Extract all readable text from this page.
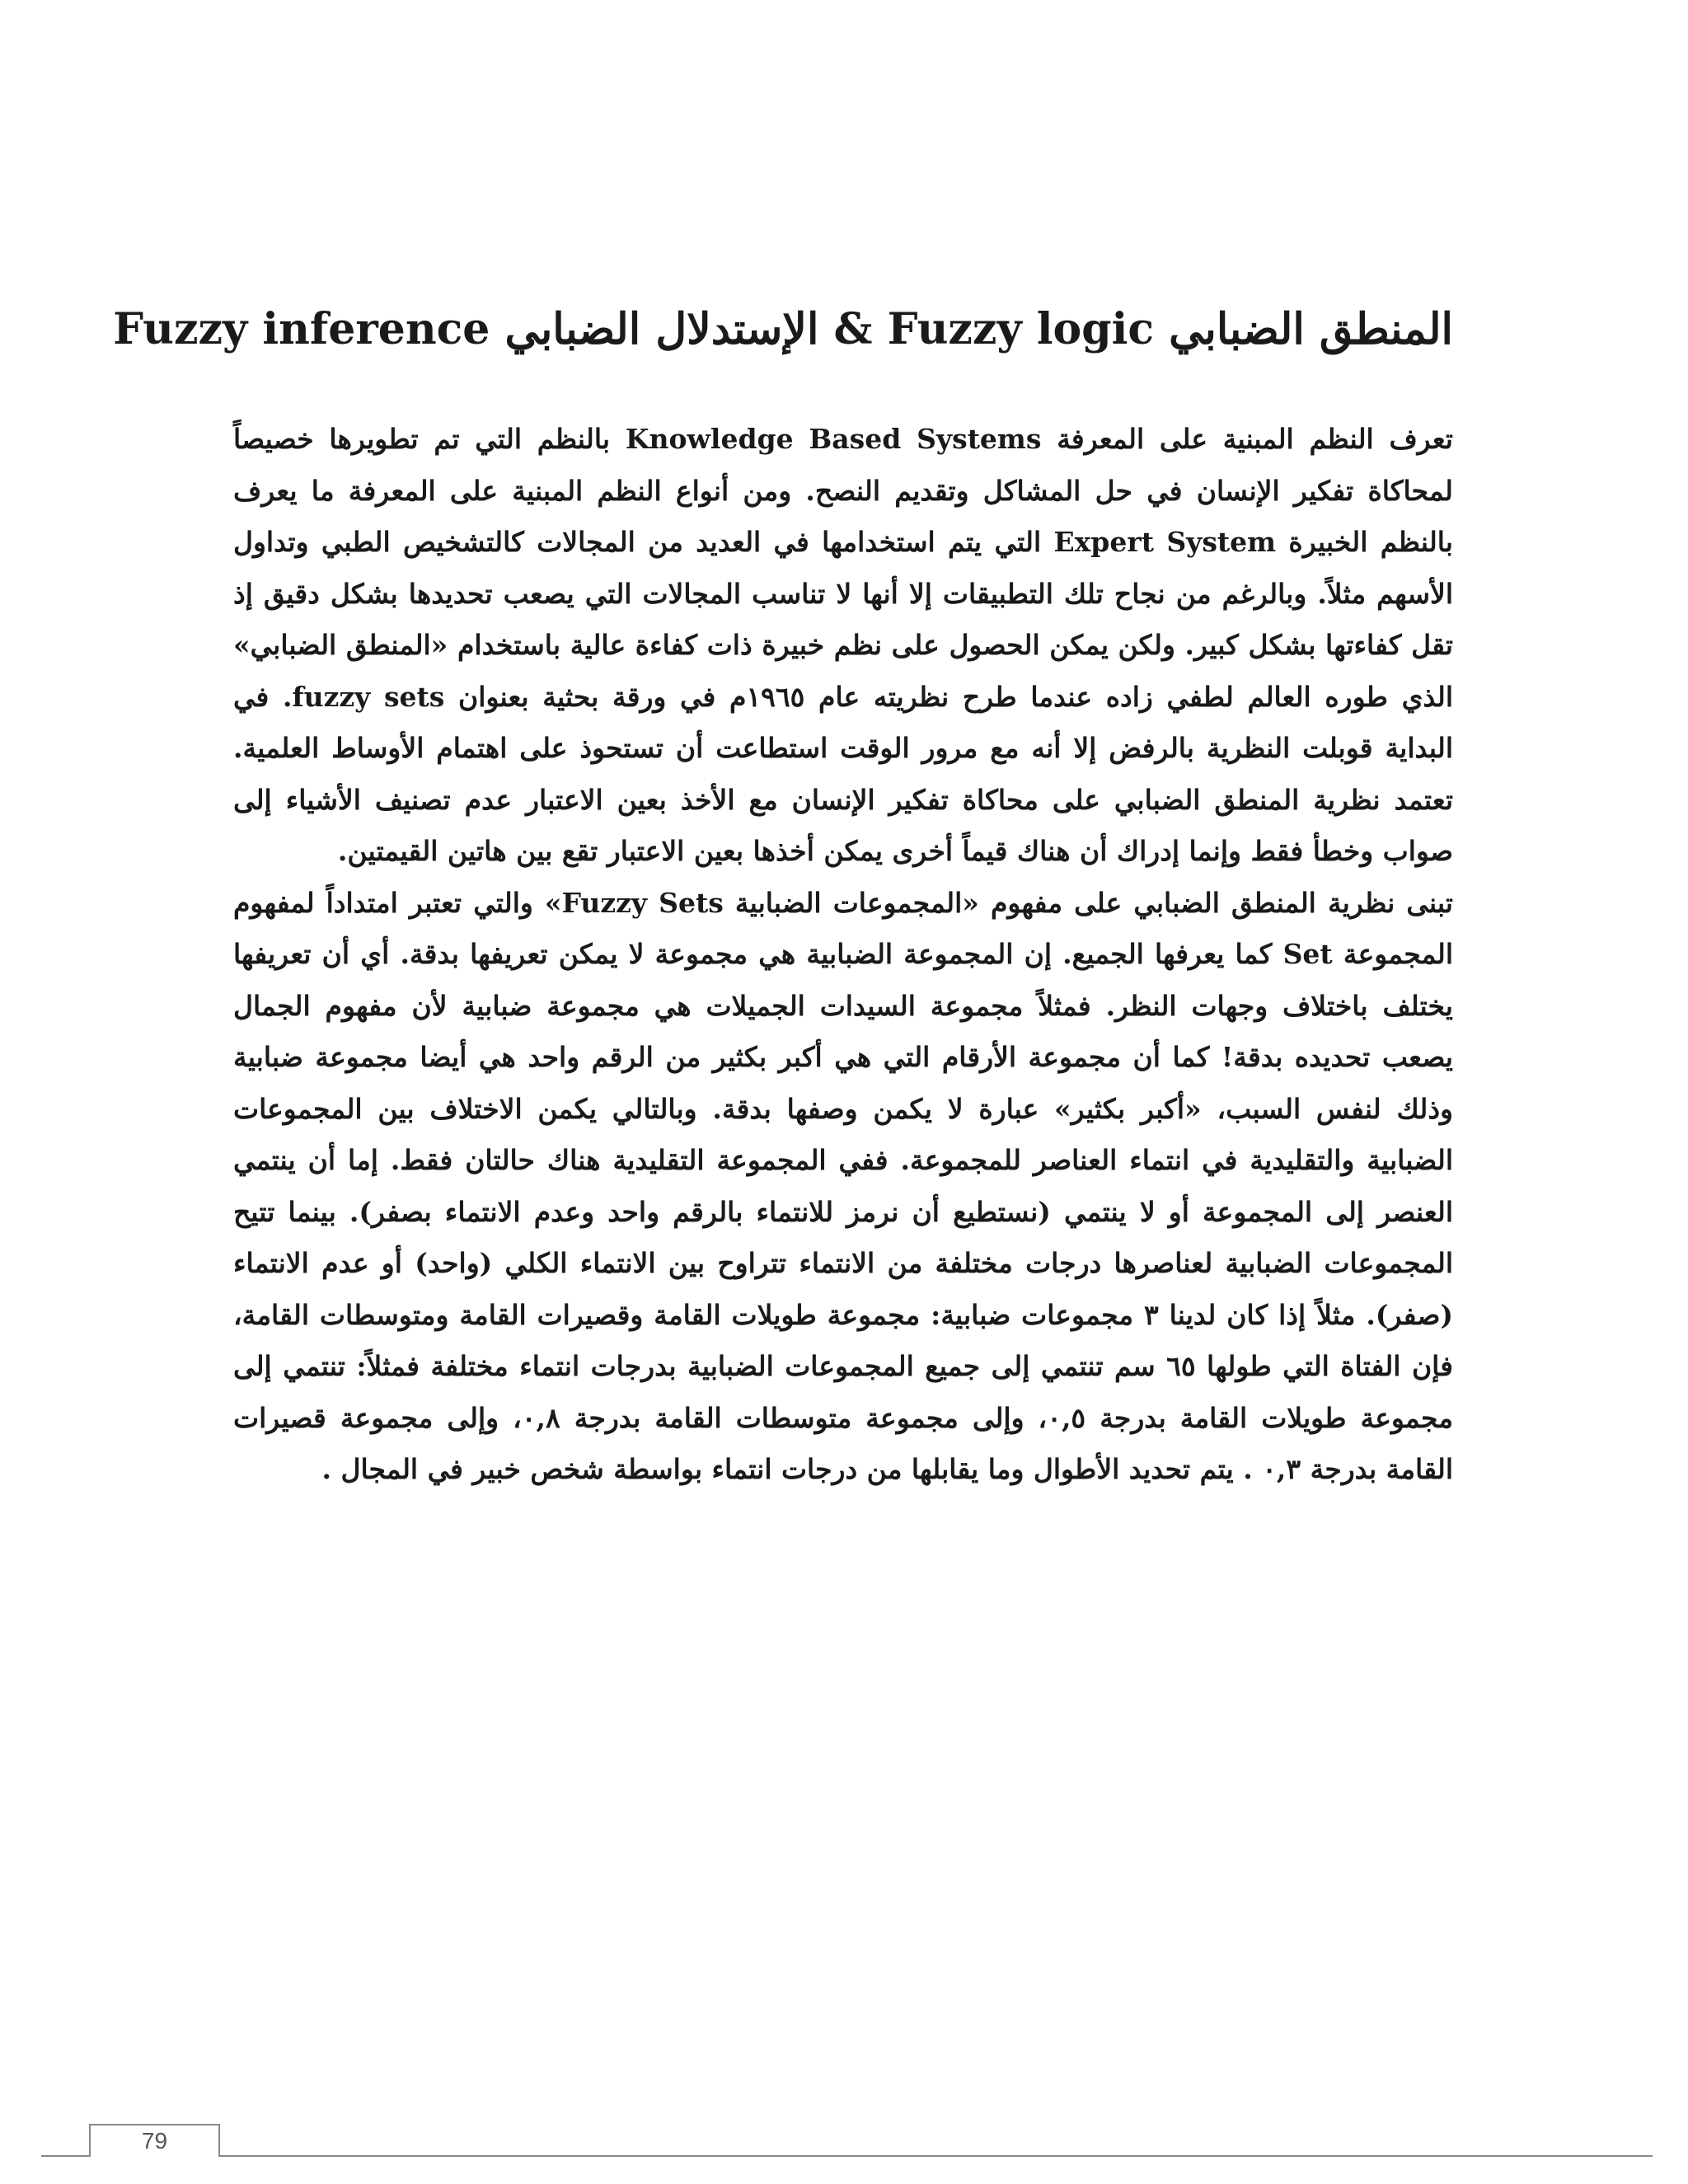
المنطق الضبابي Fuzzy logic & الإستدلال الضبابي Fuzzy inference

تعرف النظم المبنية على المعرفة Knowledge Based Systems بالنظم التي تم تطويرها خصيصاً لمحاكاة تفكير الإنسان في حل المشاكل وتقديم النصح. ومن أنواع النظم المبنية على المعرفة ما يعرف بالنظم الخبيرة Expert System التي يتم استخدامها في العديد من المجالات كالتشخيص الطبي وتداول الأسهم مثلاً. وبالرغم من نجاح تلك التطبيقات إلا أنها لا تناسب المجالات التي يصعب تحديدها بشكل دقيق إذ تقل كفاءتها بشكل كبير. ولكن يمكن الحصول على نظم خبيرة ذات كفاءة عالية باستخدام «المنطق الضبابي» الذي طوره العالم لطفي زاده عندما طرح نظريته عام ١٩٦٥م في ورقة بحثية بعنوان fuzzy sets. في البداية قوبلت النظرية بالرفض إلا أنه مع مرور الوقت استطاعت أن تستحوذ على اهتمام الأوساط العلمية. تعتمد نظرية المنطق الضبابي على محاكاة تفكير الإنسان مع الأخذ بعين الاعتبار عدم تصنيف الأشياء إلى صواب وخطأ فقط وإنما إدراك أن هناك قيماً أخرى يمكن أخذها بعين الاعتبار تقع بين هاتين القيمتين.

تبنى نظرية المنطق الضبابي على مفهوم «المجموعات الضبابية Fuzzy Sets» والتي تعتبر امتداداً لمفهوم المجموعة Set كما يعرفها الجميع. إن المجموعة الضبابية هي مجموعة لا يمكن تعريفها بدقة. أي أن تعريفها يختلف باختلاف وجهات النظر. فمثلاً مجموعة السيدات الجميلات هي مجموعة ضبابية لأن مفهوم الجمال يصعب تحديده بدقة! كما أن مجموعة الأرقام التي هي أكبر بكثير من الرقم واحد هي أيضا مجموعة ضبابية وذلك لنفس السبب، «أكبر بكثير» عبارة لا يكمن وصفها بدقة. وبالتالي يكمن الاختلاف بين المجموعات الضبابية والتقليدية في انتماء العناصر للمجموعة. ففي المجموعة التقليدية هناك حالتان فقط. إما أن ينتمي العنصر إلى المجموعة أو لا ينتمي (نستطيع أن نرمز للانتماء بالرقم واحد وعدم الانتماء بصفر). بينما تتيح المجموعات الضبابية لعناصرها درجات مختلفة من الانتماء تتراوح بين الانتماء الكلي (واحد) أو عدم الانتماء (صفر). مثلاً إذا كان لدينا ٣ مجموعات ضبابية: مجموعة طويلات القامة وقصيرات القامة ومتوسطات القامة، فإن الفتاة التي طولها ٦٥ سم تنتمي إلى جميع المجموعات الضبابية بدرجات انتماء مختلفة فمثلاً: تنتمي إلى مجموعة طويلات القامة بدرجة ٠,٥، وإلى مجموعة متوسطات القامة بدرجة ٠,٨، وإلى مجموعة قصيرات القامة بدرجة ٠,٣ . يتم تحديد الأطوال وما يقابلها من درجات انتماء بواسطة شخص خبير في المجال .

79
